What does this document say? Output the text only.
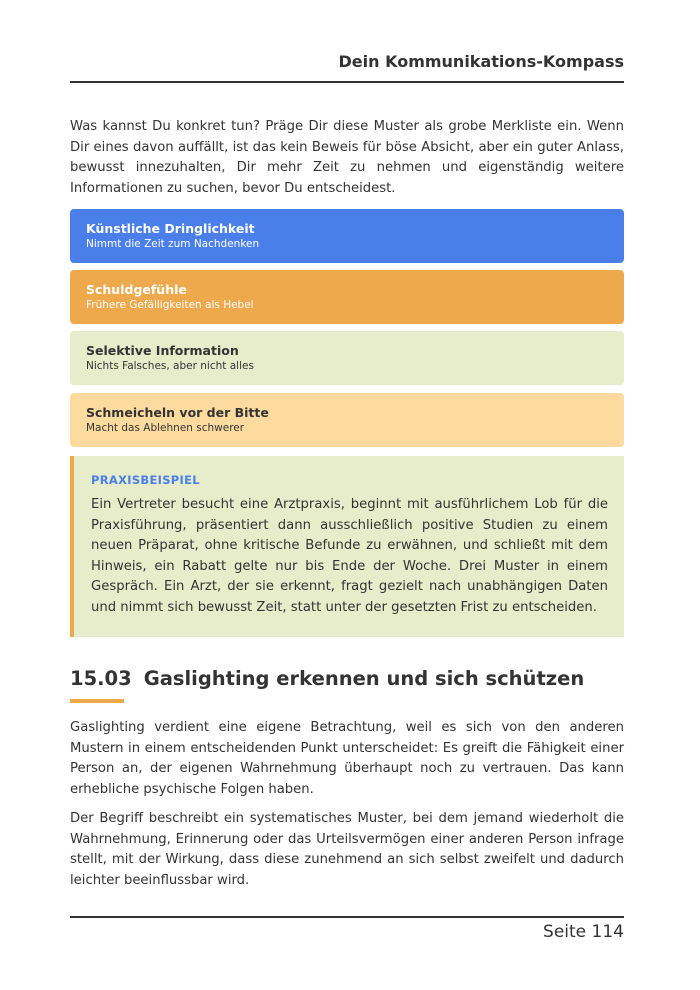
Dein Kommunikations-Kompass
Was kannst Du konkret tun? Präge Dir diese Muster als grobe Merkliste ein. Wenn Dir eines davon auffällt, ist das kein Beweis für böse Absicht, aber ein guter Anlass, bewusst innezuhalten, Dir mehr Zeit zu nehmen und eigenständig weitere Informationen zu suchen, bevor Du entscheidest.
Künstliche Dringlichkeit
Nimmt die Zeit zum Nachdenken
Schuldgefühle
Frühere Gefälligkeiten als Hebel
Selektive Information
Nichts Falsches, aber nicht alles
Schmeicheln vor der Bitte
Macht das Ablehnen schwerer
PRAXISBEISPIEL
Ein Vertreter besucht eine Arztpraxis, beginnt mit ausführlichem Lob für die Praxisführung, präsentiert dann ausschließlich positive Studien zu einem neuen Präparat, ohne kritische Befunde zu erwähnen, und schließt mit dem Hinweis, ein Rabatt gelte nur bis Ende der Woche. Drei Muster in einem Gespräch. Ein Arzt, der sie erkennt, fragt gezielt nach unabhängigen Daten und nimmt sich bewusst Zeit, statt unter der gesetzten Frist zu entscheiden.
15.03 Gaslighting erkennen und sich schützen
Gaslighting verdient eine eigene Betrachtung, weil es sich von den anderen Mustern in einem entscheidenden Punkt unterscheidet: Es greift die Fähigkeit einer Person an, der eigenen Wahrnehmung überhaupt noch zu vertrauen. Das kann erhebliche psychische Folgen haben.
Der Begriff beschreibt ein systematisches Muster, bei dem jemand wiederholt die Wahrnehmung, Erinnerung oder das Urteilsvermögen einer anderen Person infrage stellt, mit der Wirkung, dass diese zunehmend an sich selbst zweifelt und dadurch leichter beeinflussbar wird.
Seite 114
